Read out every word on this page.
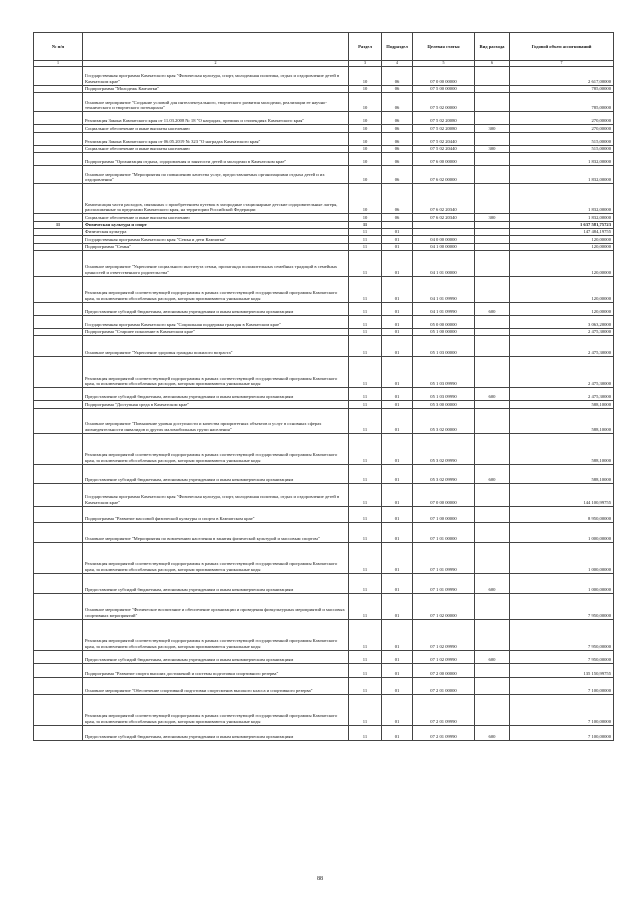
№ п/п		Раздел	Подраздел	Целевая статья	Вид расхода	Годовой объем ассигнований
1	2	3	4	5	6	7
	Государственная программа Камчатского края "Физическая культура, спорт, молодежная политика, отдых и оздоровление детей в Камчатском крае"	10	06	07 0 00 00000		2 617,00000
	Подпрограмма "Молодежь Камчатки"	10	06	07 5 00 00000		785,00000
	Основное мероприятие "Создание условий для интеллектуального, творческого развития молодежи, реализации ее научно-технического и творческого потенциала"	10	06	07 5 02 00000		785,00000
	Реализация Закона Камчатского края от 11.03.2008 № 18 "О наградах, премиях и стипендиях Камчатского края"	10	06	07 5 02 20080		270,00000
	Социальное обеспечение и иные выплаты населению	10	06	07 5 02 20080	300	270,00000
	Реализация Закона Камчатского края от 06.05.2019 № 323 "О наградах Камчатского края"	10	06	07 5 02 20440		515,00000
	Социальное обеспечение и иные выплаты населению	10	06	07 5 02 20440	300	515,00000
	Подпрограмма "Организация отдыха, оздоровления и занятости детей и молодежи в Камчатском крае"	10	06	07 6 00 00000		1 832,00000
	Основное мероприятие "Мероприятия по повышению качества услуг, предоставляемых организациями отдыха детей и их оздоровления"	10	06	07 6 02 00000		1 832,00000
	Компенсация части расходов, связанных с приобретением путевок в загородные стационарные детские оздоровительные лагеря, расположенные за пределами Камчатского края, на территории Российской Федерации	10	06	07 6 02 20340		1 832,00000
	Социальное обеспечение и иные выплаты населению	10	06	07 6 02 20340	300	1 832,00000
11	Физическая культура и спорт	11				1 637 581,75723
	Физическая культура	11	01			147 484,19755
	Государственная программа Камчатского края "Семья и дети Камчатки"	11	01	04 0 00 00000		120,00000
	Подпрограмма "Семья"	11	01	04 1 00 00000		120,00000
	Основное мероприятие "Укрепление социального института семьи, пропаганда положительных семейных традиций в семейных ценностей и ответственного родительства"	11	01	04 1 01 00000		120,00000
	Реализация мероприятий соответствующей подпрограммы в рамках соответствующей государственной программы Камчатского края, за исключением обособленных расходов, которым присваиваются уникальные коды	11	01	04 1 01 09990		120,00000
	Предоставление субсидий бюджетным, автономным учреждениям и иным некоммерческим организациям	11	01	04 1 01 09990	600	120,00000
	Государственная программа Камчатского края "Социальная поддержка граждан в Камчатском крае"	11	01	05 0 00 00000		3 063,20000
	Подпрограмма "Старшее поколение в Камчатском крае"	11	01	05 1 00 00000		2 475,30000
	Основное мероприятие "Укрепление здоровья граждан пожилого возраста"	11	01	05 1 03 00000		2 475,30000
	Реализация мероприятий соответствующей подпрограммы в рамках соответствующей государственной программы Камчатского края, за исключением обособленных расходов, которым присваиваются уникальные коды	11	01	05 1 03 09990		2 475,30000
	Предоставление субсидий бюджетным, автономным учреждениям и иным некоммерческим организациям	11	01	05 1 03 09990	600	2 475,30000
	Подпрограмма "Доступная среда в Камчатском крае"	11	01	05 3 00 00000		588,10000
	Основное мероприятие "Повышение уровня доступности и качества приоритетных объектов и услуг в основных сферах жизнедеятельности инвалидов и других маломобильных групп населения"	11	01	05 3 02 00000		588,10000
	Реализация мероприятий соответствующей подпрограммы в рамках соответствующей государственной программы Камчатского края, за исключением обособленных расходов, которым присваиваются уникальные коды	11	01	05 3 02 09990		588,10000
	Предоставление субсидий бюджетным, автономным учреждениям и иным некоммерческим организациям	11	01	05 3 02 09990	600	588,10000
	Государственная программа Камчатского края "Физическая культура, спорт, молодежная политика, отдых и оздоровление детей в Камчатском крае"	11	01	07 0 00 00000		144 100,99755
	Подпрограмма "Развитие массовой физической культуры и спорта в Камчатском крае"	11	01	07 1 00 00000		8 950,00000
	Основное мероприятие "Мероприятия по вовлечению населения в занятия физической культурой и массовым спортом"	11	01	07 1 01 00000		1 000,00000
	Реализация мероприятий соответствующей подпрограммы в рамках соответствующей государственной программы Камчатского края, за исключением обособленных расходов, которым присваиваются уникальные коды	11	01	07 1 01 09990		1 000,00000
	Предоставление субсидий бюджетным, автономным учреждениям и иным некоммерческим организациям	11	01	07 1 01 09990	600	1 000,00000
	Основное мероприятие "Физическое воспитание и обеспечение организации и проведения физкультурных мероприятий и массовых спортивных мероприятий"	11	01	07 1 02 00000		7 950,00000
	Реализация мероприятий соответствующей подпрограммы в рамках соответствующей государственной программы Камчатского края, за исключением обособленных расходов, которым присваиваются уникальные коды	11	01	07 1 02 09990		7 950,00000
	Предоставление субсидий бюджетным, автономным учреждениям и иным некоммерческим организациям	11	01	07 1 02 09990	600	7 950,00000
	Подпрограмма "Развитие спорта высших достижений и системы подготовки спортивного резерва"	11	01	07 2 00 00000		135 150,99755
	Основное мероприятие "Обеспечение спортивной подготовки спортсменов высокого класса и спортивного резерва"	11	01	07 2 01 00000		7 100,00000
	Реализация мероприятий соответствующей подпрограммы в рамках соответствующей государственной программы Камчатского края, за исключением обособленных расходов, которым присваиваются уникальные коды	11	01	07 2 01 09990		7 100,00000
	Предоставление субсидий бюджетным, автономным учреждениям и иным некоммерческим организациям	11	01	07 2 01 09990	600	7 100,00000
88
